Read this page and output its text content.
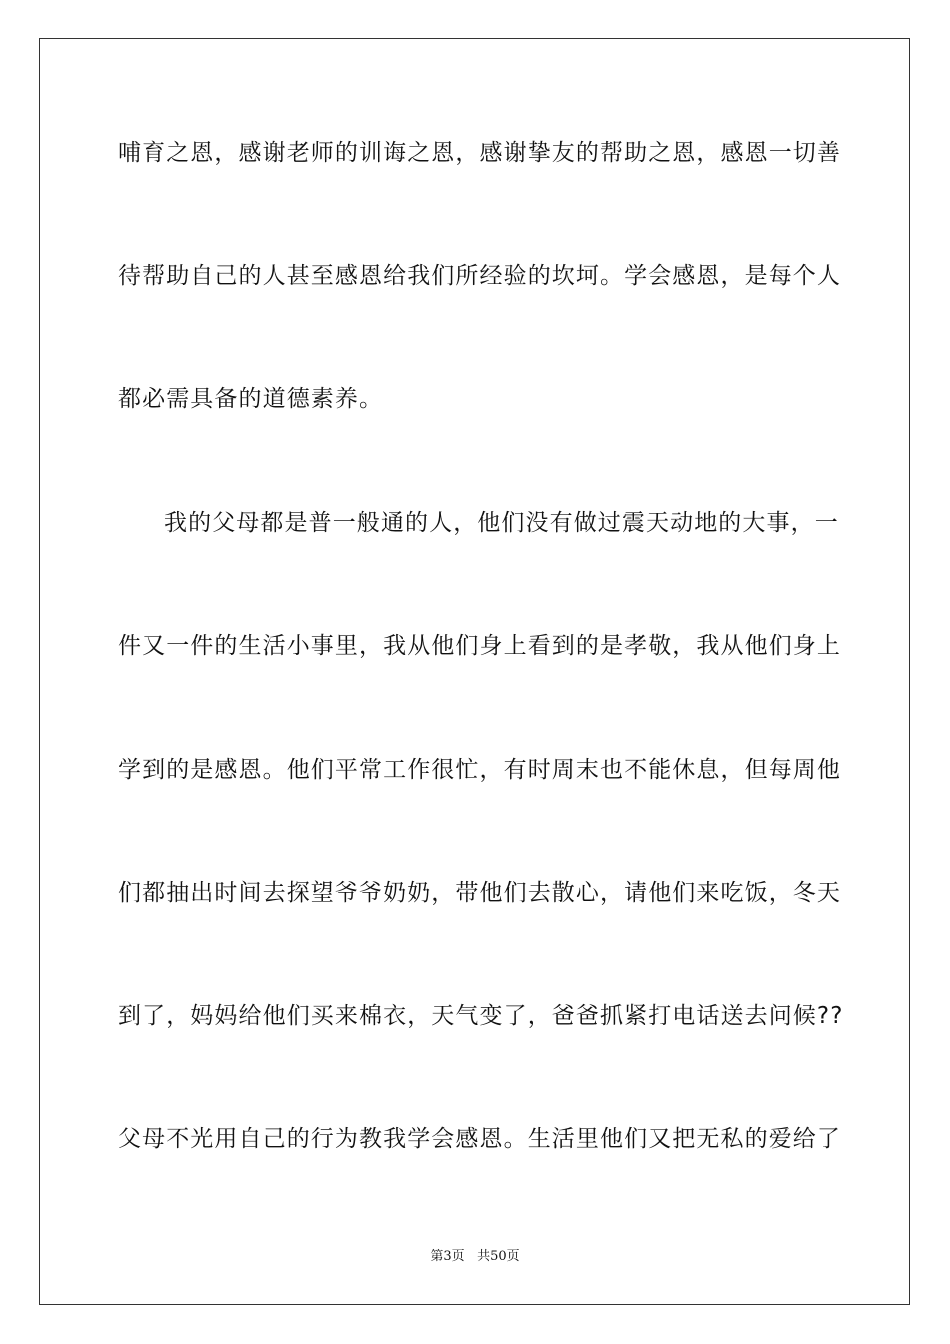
哺育之恩，感谢老师的训诲之恩，感谢挚友的帮助之恩，感恩一切善
待帮助自己的人甚至感恩给我们所经验的坎坷。学会感恩，是每个人
都必需具备的道德素养。
我的父母都是普一般通的人，他们没有做过震天动地的大事，一
件又一件的生活小事里，我从他们身上看到的是孝敬，我从他们身上
学到的是感恩。他们平常工作很忙，有时周末也不能休息，但每周他
们都抽出时间去探望爷爷奶奶，带他们去散心，请他们来吃饭，冬天
到了，妈妈给他们买来棉衣，天气变了，爸爸抓紧打电话送去问候??
父母不光用自己的行为教我学会感恩。生活里他们又把无私的爱给了
第3页 共50页
